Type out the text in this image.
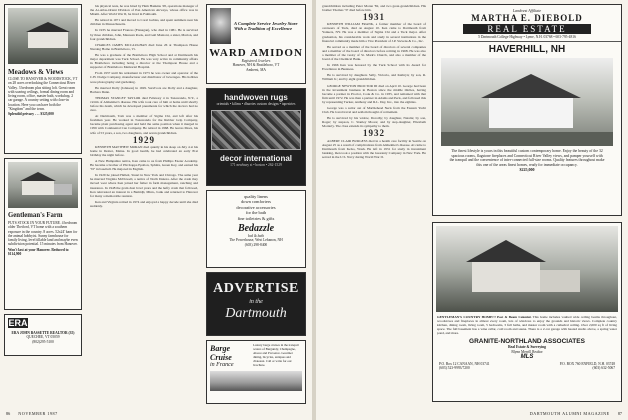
Meadows & Views
CLOSE TO HANOVER & WOODSTOCK, VT on 28 acres overlooking the Connecticut River Valley. 3 bedroom plus sitting loft. Great room with soaring ceilings, formal dining room and living room, office, master bath, workshop, 2 car garage. A country setting with close-in location. Here you can have both the "Kingdom" and the town.
Splendid privacy . . . $325,000
Gentleman's Farm
PUTS STOCK IN YOUR FUTURE. 4 bedroom older Thetford, VT home with a southern exposure in the country. 8 acres. 52x24' barn for the animal hobbyist. Sunny farmhouse for family living, level tillable land and maybe even subdivision potential. 15 minutes from Hanover.
Won't last at your Hanover. Reduced to $114,900
ERA
ERA JOHN BASSETTE REALTOR (35)
QUECHEE, VT 05059
(802)295-5100

his physical tests, he was hired by Ham Hankins '28, operations manager of the At-Atlas-Orient Division of Pan American Airways, whose office was in Miami. After World War II, he lived in Falmouth.

He retired in 1971 and moved to Coral Gables, and spent summers near his children in Massachusetts.

In 1935 he married Frances (Flanagan), who died in 1981. He is survived by three children, John, Maureen Rook, and Gail Mantoni, a sister, Marion, and four grandchildren.

CHARLES JAMES MCCAUGHAN died June 26 at Thompson House Nursing Home in Brattleboro, Vt.

He was a graduate of the Brattleboro High School and at Dartmouth his major department was Tuck School. He was very active in community affairs in Brattleboro including being a director at the Thompson House and a supporter of Brattleboro Memorial Hospital.

From 1937 until his retirement in 1973 he was owner and operator of the C.H. Dodge Company, manufacturer and distributor of beverages. His hobbies were photography and gardening.

He married Dolly (Johnson) in 1929. Survivors are Dolly and a daughter, Barbara Dunn.

THOMAS STANLEY TAYLOR died February 4 in Tonawanda, N.Y., a victim of Alzheimer's disease. His wife took care of him at home until shortly before his death, which he developed pneumonia for which the doctors had no cure.

At Dartmouth, Tom was a member of Sigma Chi, and left after his freshman year. He worked in Tonawanda for the Rubber Grip Company, became plant purchasing agent and held the same position when it merged in 1956 with Continental Can Company. He retired in 1968. He leaves Moza, his wife of 53 years, a son, two daughters, and seven grandchildren.

1929

KENNETH MATTHEW MORAN died quietly in his sleep on July 4 at his home in Dexter, Maine. In good health, he had celebrated an early 81st birthday the night before.

A New Hampshire native, Ken came to us from Phillips Exeter Academy. He became a brother of Phi Kappa Epsilon, Sphinx, Green Key, and earned his "D" in baseball. He majored in English.

In 1929 he joined Hallett, Stuart in New York and Chicago. The same year he married Virginia McDowell, a native of North Dakota. After the crash they moved west where Ken joined her father in farm management, ranching and insurance. In 1948 the grain dust bowl years and the hefty crash that followed, Ken reinvested an interest in a Bemidji, Minn., bank and returned to Hanover for many a memorable reunion.

Ken and Virginia retired in 1974 and enjoyed a happy decade until she died suddenly.

A Complete Service Jewelry Store With a Tradition of Excellence
WARD AMIDON
Registered Jewelers
Hanover, NH & Brattleboro, VT
Amherst, MA
handwoven rugs
orientals • kilims • dhurries custom designs • tapestries
decor international
171 newbury st • boston • 262-1529
quality linens
down comforters
decorative accessories
for the bath
fine toiletries & gifts
Bedazzle
bed & bath
The Powerhouse, West Lebanon, NH
(603) 298-8400
ADVERTISE
in the
Dartmouth
Barge Cruise
in France
Luxury barge cruises in the tranquil waters of Burgundy, Champagne, Alsace and Provence. Gourmet dining, bicycles, antiques and chateaux. Call or write for our brochure.
86 NOVEMBER 1987

grandchildren including Peter Moran '82, and two great-grandchildren. His brother Thomas '37 died before him.

1931

KENNETH WILLIAM FRANK, a former member of the board of overseers of Tuck, died on August 10. Ken came to Dartmouth from Yonkers, NY. He was a member of Sigma Chi and a Tuck major. After graduation, his considerable work and study in several institutions in the financial community made him a Vice President of J.P. Stevens & Co., Inc.

He served as a member of the board of directors of several companies and a member of the board of directors before retiring in 1968. He was also a member of the vestry of St. Mark's Church, and also a member of the board of the Chemical Bank.

In 1966 Ken was honored by the Tuck School with its Award for Excellence in Business.

He is survived by daughters Sally, Victoria, and Kathryn; by son, R. William Jr.; and by eight grandchildren.

GEORGE NEWTON PROCTOR III died on April 10. George had been in the investment business in Boston since the middle thirties, having become a partner in Proctor, Cook & Co. in 1935, and remained with that firm until 1972. He was then a partner in Adams and Peck, and followed this by representing Tucker, Anthony and R.L. Day, Inc., into the eighties.

George was a sailor out of Marblehead Neck from the Eastern Yacht Club. He loved travel and seldom thought of retirement.

He is survived by his widow, Dorothy; by daughter, Natalie; by son, Roger; by stepson, C. Stanley Moore; and by step-daughter, Elizabeth Moriarty. The class extends its sympathy to them.

1932

ALBERT CLAIR BURGESS died in a health care facility in Seattle on August 25 as a result of complications from Alzheimer's disease. Al came to Dartmouth from Kelso, Wash. He left in 1931 for study in investment banking, then took a position with the Guaranty Company in New York. He served in the U.S. Navy during World War II.

Landvest Affiliate
MARTHA E. DIEBOLD
REAL ESTATE
5 Dartmouth College Highway • Lyme, N.H. 03768 • 603-795-4816
HAVERHILL, NH
The finest lifestyle is yours in this beautiful custom contemporary home. Enjoy the beauty of the 32 spacious rooms, flagstone fireplaces and Connecticut River Valley views, and pamper yourself with the tranquil and the convenience of inter-connected full-size rooms. Quality features throughout make this one of the areas finest homes, ready for immediate occupancy.
$225,000
GENTLEMAN'S COUNTRY HOME!!! Post & Beam Colonial. This home includes vaulted wide ceiling beams throughout, woodstoves and fireplaces in almost every room, lots of windows to enjoy the grounds and historic views. Complete country kitchen, dining room, living room, 5 bedrooms, 3 full baths, and master room with a cathedral ceiling. Over 2,000 sq ft of living space. The full basement has a wine cellar, cold room and sauna. There is a 2-car garage with heated studio above, a spring water pond, and more.
GRANITE-NORTHLAND ASSOCIATES
Real Estate & Surveying
Blynn Merrill Realtor
MLS
P.O. Box 12 CANAAN, NH 03741
(603) 523-9993/7200
P.O. BOX 760 ENFIELD, N.H. 03748
(603) 632-5067
DARTMOUTH ALUMNI MAGAZINE 87
